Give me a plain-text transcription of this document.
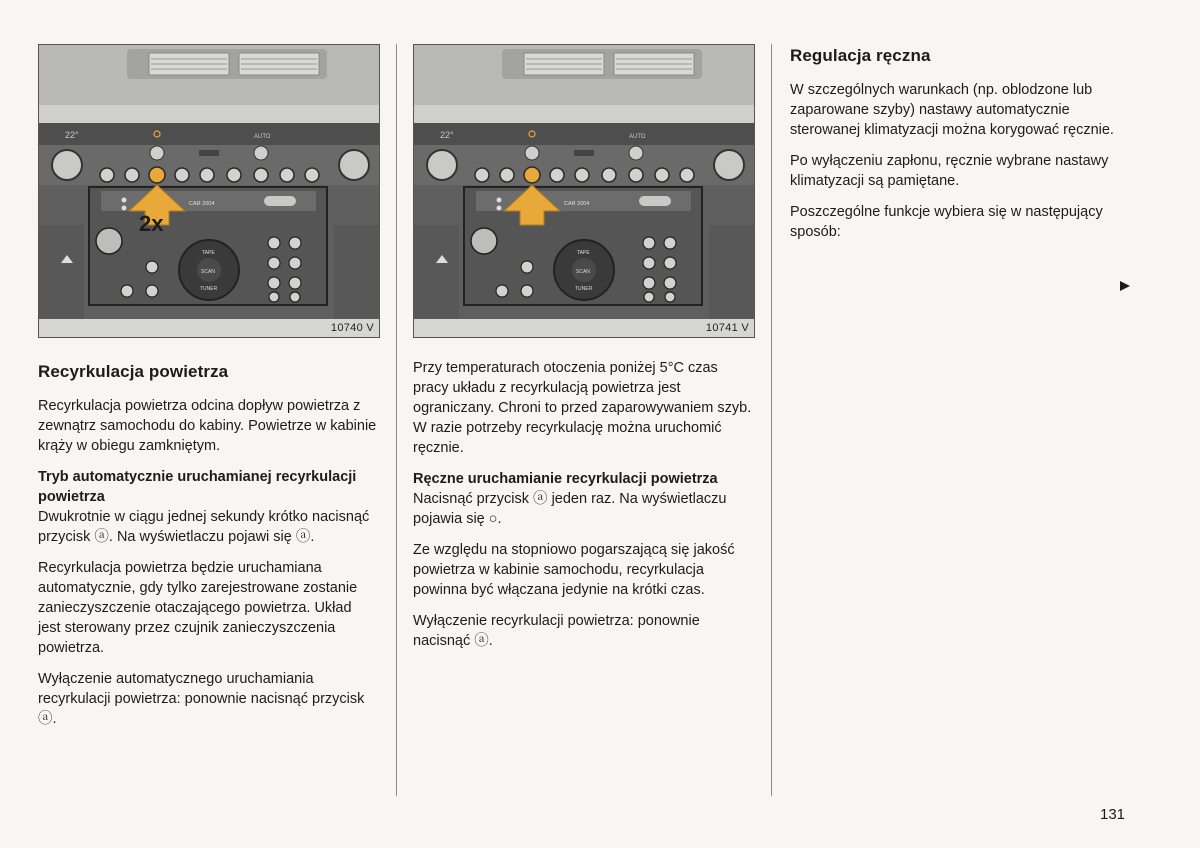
22°	AUTO
CAR 2004
TAPE
SCAN
TUNER
2x
10740 V
Recyrkulacja powietrza

Recyrkulacja powietrza odcina dopływ powietrza z zewnątrz samochodu do kabiny. Powietrze w kabinie krąży w obiegu zamkniętym.

Tryb automatycznie uruchamianej recyrkulacji powietrza

Dwukrotnie w ciągu jednej sekundy krótko nacisnąć przycisk ⓐ. Na wyświetlaczu pojawi się ⓐ.

Recyrkulacja powietrza będzie uruchamiana automatycznie, gdy tylko zarejestrowane zostanie zanieczyszczenie otaczającego powietrza. Układ jest sterowany przez czujnik zanieczyszczenia powietrza.

Wyłączenie automatycznego uruchamiania recyrkulacji powietrza: ponownie nacisnąć przycisk ⓐ.

22°	AUTO
CAR 2004
TAPE
SCAN
TUNER
10741 V

Przy temperaturach otoczenia poniżej 5°C czas pracy układu z recyrkulacją powietrza jest ograniczany. Chroni to przed zaparowywaniem szyb. W razie potrzeby recyrkulację można uruchomić ręcznie.

Ręczne uruchamianie recyrkulacji powietrza

Nacisnąć przycisk ⓐ jeden raz. Na wyświetlaczu pojawia się ○.

Ze względu na stopniowo pogarszającą się jakość powietrza w kabinie samochodu, recyrkulacja powinna być włączana jedynie na krótki czas.

Wyłączenie recyrkulacji powietrza: ponownie nacisnąć ⓐ.

Regulacja ręczna

W szczególnych warunkach (np. oblodzone lub zaparowane szyby) nastawy automatycznie sterowanej klimatyzacji można korygować ręcznie.

Po wyłączeniu zapłonu, ręcznie wybrane nastawy klimatyzacji są pamiętane.

Poszczególne funkcje wybiera się w następujący sposób:

131
